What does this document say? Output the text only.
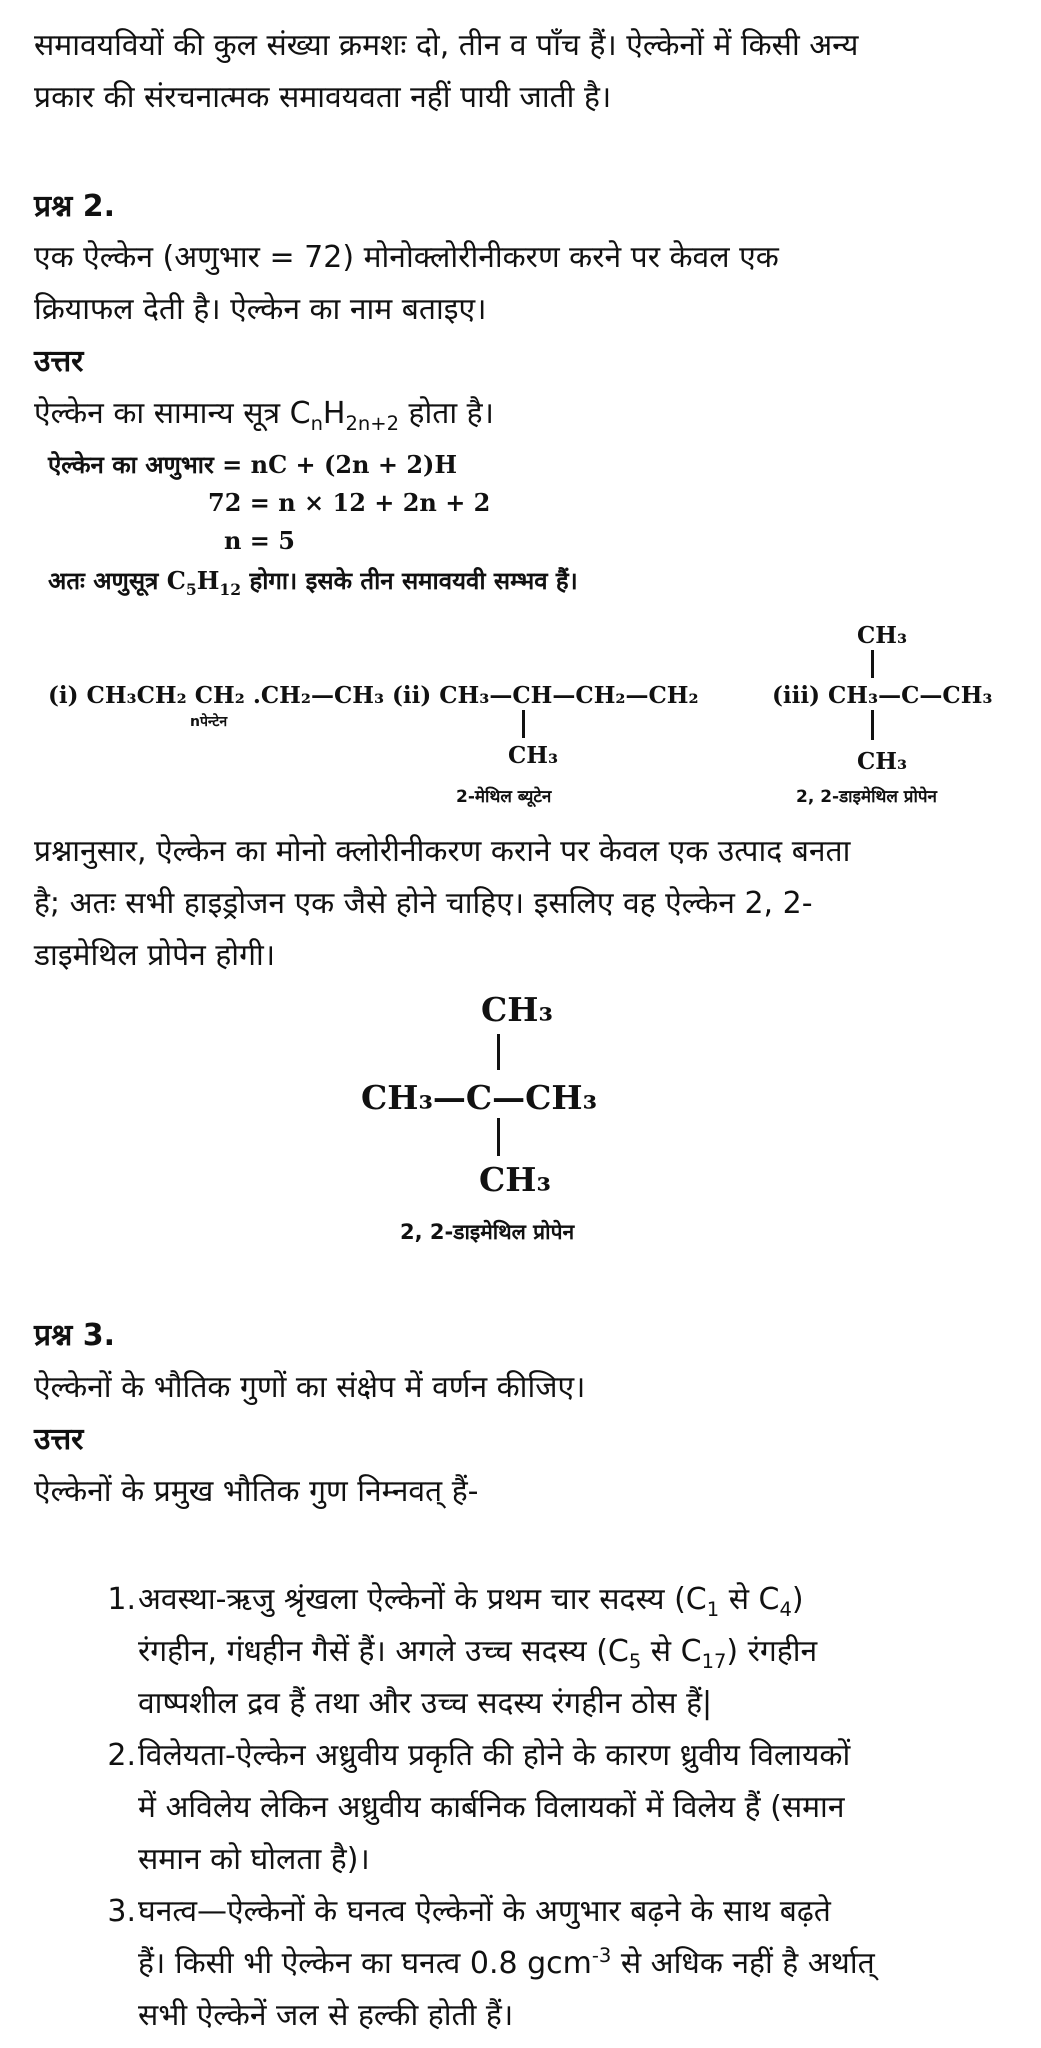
समावयवियों की कुल संख्या क्रमशः दो, तीन व पाँच हैं। ऐल्केनों में किसी अन्य
प्रकार की संरचनात्मक समावयवता नहीं पायी जाती है।
प्रश्न 2.
एक ऐल्केन (अणुभार = 72) मोनोक्लोरीनीकरण करने पर केवल एक
क्रियाफल देती है। ऐल्केन का नाम बताइए।
उत्तर
ऐल्केन का सामान्य सूत्र $C_nH_{2n+2}$ होता है।
ऐल्केन का अणुभार = nC + (2n + 2)H
72 = n × 12 + 2n + 2
n = 5
अतः अणुसूत्र $C_5H_{12}$ होगा। इसके तीन समावयवी सम्भव हैं।
(i) CH₃CH₂ CH₂ .CH₂—CH₃
nपेन्टेन
(ii) CH₃—CH—CH₂—CH₂
CH₃
2-मेथिल ब्यूटेन
CH₃
(iii) CH₃—C—CH₃
CH₃
2, 2-डाइमेथिल प्रोपेन
प्रश्नानुसार, ऐल्केन का मोनो क्लोरीनीकरण कराने पर केवल एक उत्पाद बनता
है; अतः सभी हाइड्रोजन एक जैसे होने चाहिए। इसलिए वह ऐल्केन 2, 2-
डाइमेथिल प्रोपेन होगी।
CH₃
CH₃—C—CH₃
CH₃
2, 2-डाइमेथिल प्रोपेन
प्रश्न 3.
ऐल्केनों के भौतिक गुणों का संक्षेप में वर्णन कीजिए।
उत्तर
ऐल्केनों के प्रमुख भौतिक गुण निम्नवत् हैं-
1. अवस्था-ऋजु श्रृंखला ऐल्केनों के प्रथम चार सदस्य ($C_1$ से $C_4$)
रंगहीन, गंधहीन गैसें हैं। अगले उच्च सदस्य ($C_5$ से $C_{17}$) रंगहीन
वाष्पशील द्रव हैं तथा और उच्च सदस्य रंगहीन ठोस हैं|
2. विलेयता-ऐल्केन अध्रुवीय प्रकृति की होने के कारण ध्रुवीय विलायकों
में अविलेय लेकिन अध्रुवीय कार्बनिक विलायकों में विलेय हैं (समान
समान को घोलता है)।
3. घनत्व—ऐल्केनों के घनत्व ऐल्केनों के अणुभार बढ़ने के साथ बढ़ते
हैं। किसी भी ऐल्केन का घनत्व 0.8 gcm$^{-3}$ से अधिक नहीं है अर्थात्
सभी ऐल्केनें जल से हल्की होती हैं।
